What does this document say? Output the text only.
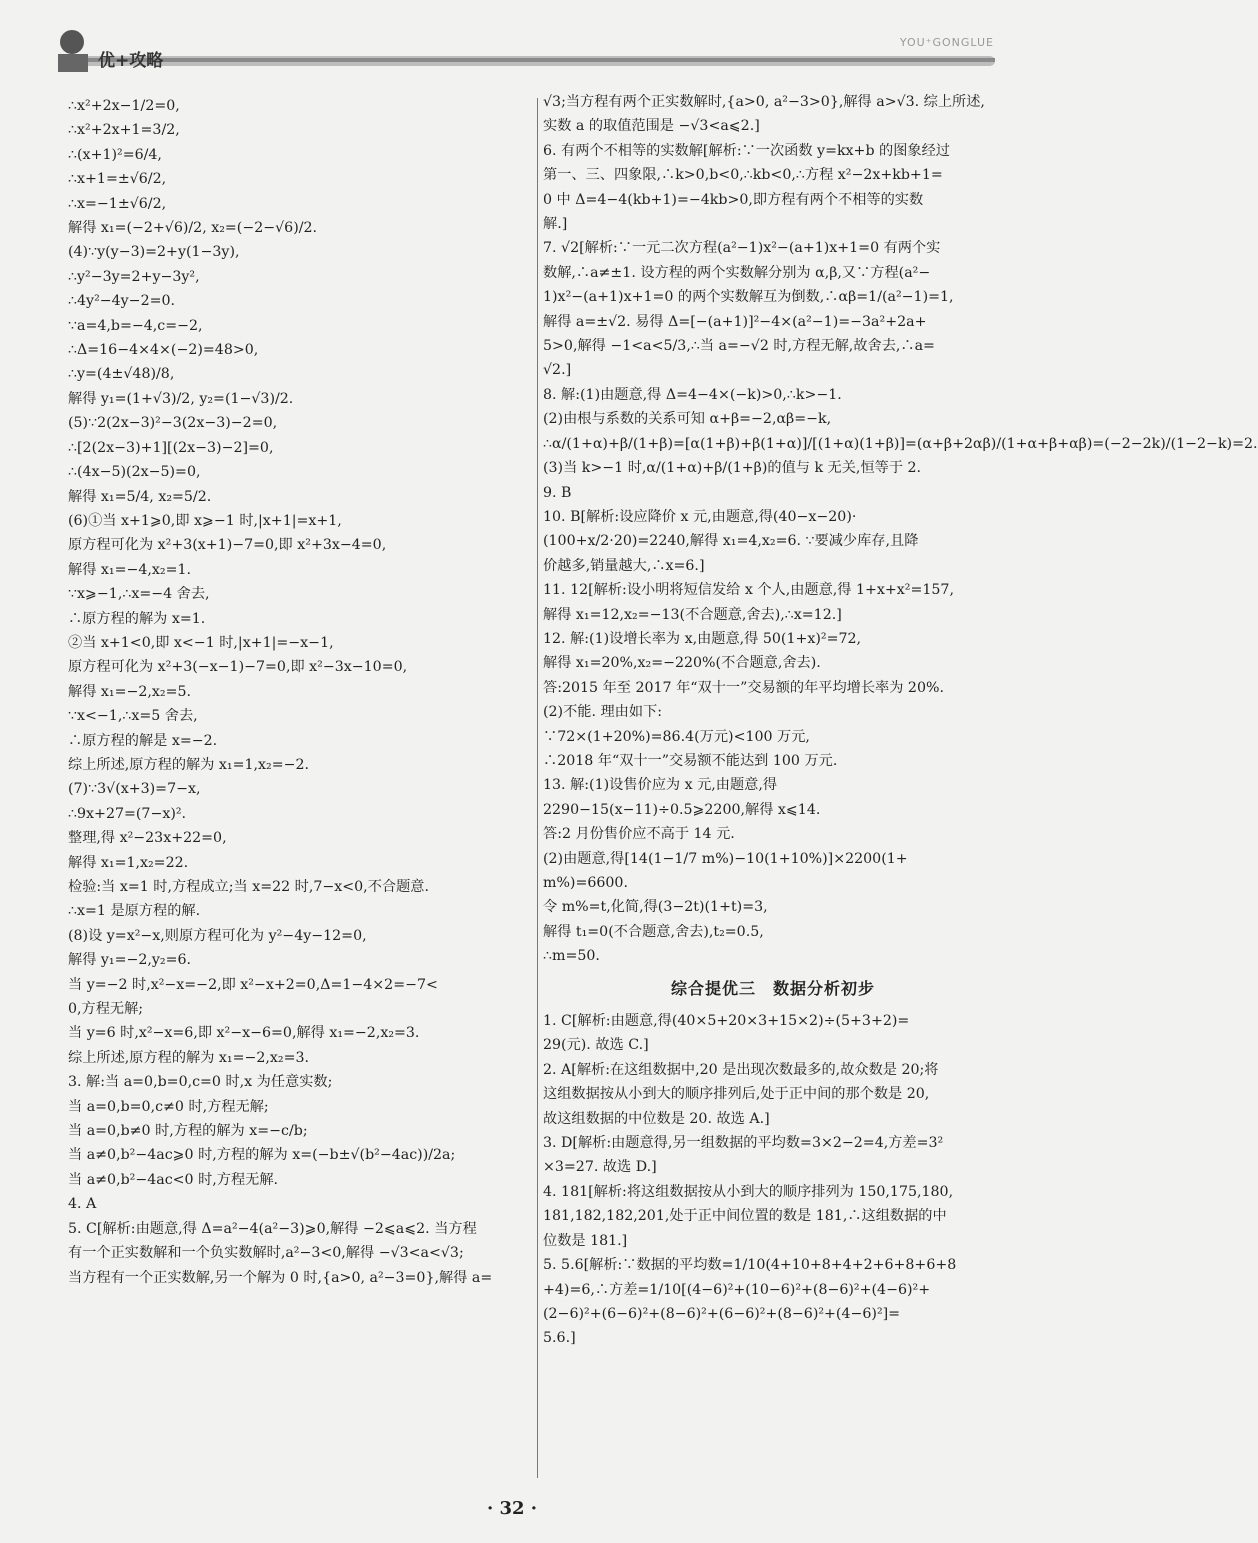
优+攻略
YOU⁺GONGLUE
∴x²+2x−1/2=0,
∴x²+2x+1=3/2,
∴(x+1)²=6/4,
∴x+1=±√6/2,
∴x=−1±√6/2,
解得 x₁=(−2+√6)/2, x₂=(−2−√6)/2.
(4)∵y(y−3)=2+y(1−3y),
∴y²−3y=2+y−3y²,
∴4y²−4y−2=0.
∵a=4,b=−4,c=−2,
∴Δ=16−4×4×(−2)=48>0,
∴y=(4±√48)/8,
解得 y₁=(1+√3)/2, y₂=(1−√3)/2.
(5)∵2(2x−3)²−3(2x−3)−2=0,
∴[2(2x−3)+1][(2x−3)−2]=0,
∴(4x−5)(2x−5)=0,
解得 x₁=5/4, x₂=5/2.
(6)①当 x+1⩾0,即 x⩾−1 时,|x+1|=x+1,
原方程可化为 x²+3(x+1)−7=0,即 x²+3x−4=0,
解得 x₁=−4,x₂=1.
∵x⩾−1,∴x=−4 舍去,
∴原方程的解为 x=1.
②当 x+1<0,即 x<−1 时,|x+1|=−x−1,
原方程可化为 x²+3(−x−1)−7=0,即 x²−3x−10=0,
解得 x₁=−2,x₂=5.
∵x<−1,∴x=5 舍去,
∴原方程的解是 x=−2.
综上所述,原方程的解为 x₁=1,x₂=−2.
(7)∵3√(x+3)=7−x,
∴9x+27=(7−x)².
整理,得 x²−23x+22=0,
解得 x₁=1,x₂=22.
检验:当 x=1 时,方程成立;当 x=22 时,7−x<0,不合题意.
∴x=1 是原方程的解.
(8)设 y=x²−x,则原方程可化为 y²−4y−12=0,
解得 y₁=−2,y₂=6.
当 y=−2 时,x²−x=−2,即 x²−x+2=0,Δ=1−4×2=−7<
0,方程无解;
当 y=6 时,x²−x=6,即 x²−x−6=0,解得 x₁=−2,x₂=3.
综上所述,原方程的解为 x₁=−2,x₂=3.
3. 解:当 a=0,b=0,c=0 时,x 为任意实数;
当 a=0,b=0,c≠0 时,方程无解;
当 a=0,b≠0 时,方程的解为 x=−c/b;
当 a≠0,b²−4ac⩾0 时,方程的解为 x=(−b±√(b²−4ac))/2a;
当 a≠0,b²−4ac<0 时,方程无解.
4. A
5. C[解析:由题意,得 Δ=a²−4(a²−3)⩾0,解得 −2⩽a⩽2. 当方程
有一个正实数解和一个负实数解时,a²−3<0,解得 −√3<a<√3;
当方程有一个正实数解,另一个解为 0 时,{a>0, a²−3=0},解得 a=
√3;当方程有两个正实数解时,{a>0, a²−3>0},解得 a>√3. 综上所述,
实数 a 的取值范围是 −√3<a⩽2.]
6. 有两个不相等的实数解[解析:∵一次函数 y=kx+b 的图象经过
第一、三、四象限,∴k>0,b<0,∴kb<0,∴方程 x²−2x+kb+1=
0 中 Δ=4−4(kb+1)=−4kb>0,即方程有两个不相等的实数
解.]
7. √2[解析:∵一元二次方程(a²−1)x²−(a+1)x+1=0 有两个实
数解,∴a≠±1. 设方程的两个实数解分别为 α,β,又∵方程(a²−
1)x²−(a+1)x+1=0 的两个实数解互为倒数,∴αβ=1/(a²−1)=1,
解得 a=±√2. 易得 Δ=[−(a+1)]²−4×(a²−1)=−3a²+2a+
5>0,解得 −1<a<5/3,∴当 a=−√2 时,方程无解,故舍去,∴a=
√2.]
8. 解:(1)由题意,得 Δ=4−4×(−k)>0,∴k>−1.
(2)由根与系数的关系可知 α+β=−2,αβ=−k,
∴α/(1+α)+β/(1+β)=[α(1+β)+β(1+α)]/[(1+α)(1+β)]=(α+β+2αβ)/(1+α+β+αβ)=(−2−2k)/(1−2−k)=2.
(3)当 k>−1 时,α/(1+α)+β/(1+β)的值与 k 无关,恒等于 2.
9. B
10. B[解析:设应降价 x 元,由题意,得(40−x−20)·
(100+x/2·20)=2240,解得 x₁=4,x₂=6. ∵要减少库存,且降
价越多,销量越大,∴x=6.]
11. 12[解析:设小明将短信发给 x 个人,由题意,得 1+x+x²=157,
解得 x₁=12,x₂=−13(不合题意,舍去),∴x=12.]
12. 解:(1)设增长率为 x,由题意,得 50(1+x)²=72,
解得 x₁=20%,x₂=−220%(不合题意,舍去).
答:2015 年至 2017 年“双十一”交易额的年平均增长率为 20%.
(2)不能. 理由如下:
∵72×(1+20%)=86.4(万元)<100 万元,
∴2018 年“双十一”交易额不能达到 100 万元.
13. 解:(1)设售价应为 x 元,由题意,得
2290−15(x−11)÷0.5⩾2200,解得 x⩽14.
答:2 月份售价应不高于 14 元.
(2)由题意,得[14(1−1/7 m%)−10(1+10%)]×2200(1+
m%)=6600.
令 m%=t,化简,得(3−2t)(1+t)=3,
解得 t₁=0(不合题意,舍去),t₂=0.5,
∴m=50.
综合提优三　数据分析初步
1. C[解析:由题意,得(40×5+20×3+15×2)÷(5+3+2)=
29(元). 故选 C.]
2. A[解析:在这组数据中,20 是出现次数最多的,故众数是 20;将
这组数据按从小到大的顺序排列后,处于正中间的那个数是 20,
故这组数据的中位数是 20. 故选 A.]
3. D[解析:由题意得,另一组数据的平均数=3×2−2=4,方差=3²
×3=27. 故选 D.]
4. 181[解析:将这组数据按从小到大的顺序排列为 150,175,180,
181,182,182,201,处于正中间位置的数是 181,∴这组数据的中
位数是 181.]
5. 5.6[解析:∵数据的平均数=1/10(4+10+8+4+2+6+8+6+8
+4)=6,∴方差=1/10[(4−6)²+(10−6)²+(8−6)²+(4−6)²+
(2−6)²+(6−6)²+(8−6)²+(6−6)²+(8−6)²+(4−6)²]=
5.6.]
· 32 ·
